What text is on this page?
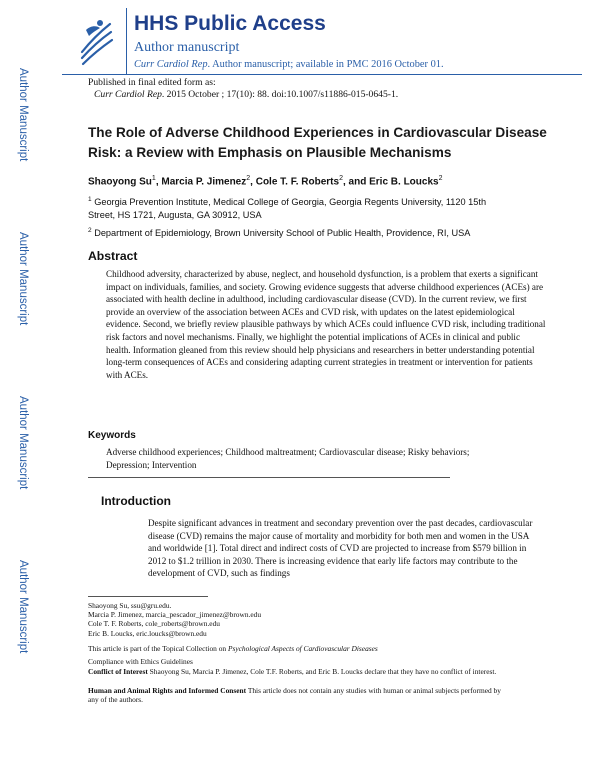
Author Manuscript
Author Manuscript
Author Manuscript
Author Manuscript
HHS Public Access
Author manuscript
Curr Cardiol Rep. Author manuscript; available in PMC 2016 October 01.
Published in final edited form as:
Curr Cardiol Rep. 2015 October ; 17(10): 88. doi:10.1007/s11886-015-0645-1.
The Role of Adverse Childhood Experiences in Cardiovascular Disease Risk: a Review with Emphasis on Plausible Mechanisms
Shaoyong Su$^1$, Marcia P. Jimenez$^2$, Cole T. F. Roberts$^2$, and Eric B. Loucks$^2$
$^1$ Georgia Prevention Institute, Medical College of Georgia, Georgia Regents University, 1120 15th Street, HS 1721, Augusta, GA 30912, USA
$^2$ Department of Epidemiology, Brown University School of Public Health, Providence, RI, USA
Abstract
Childhood adversity, characterized by abuse, neglect, and household dysfunction, is a problem that exerts a significant impact on individuals, families, and society. Growing evidence suggests that adverse childhood experiences (ACEs) are associated with health decline in adulthood, including cardiovascular disease (CVD). In the current review, we first provide an overview of the association between ACEs and CVD risk, with updates on the latest epidemiological evidence. Second, we briefly review plausible pathways by which ACEs could influence CVD risk, including traditional risk factors and novel mechanisms. Finally, we highlight the potential implications of ACEs in clinical and public health. Information gleaned from this review should help physicians and researchers in better understanding potential long-term consequences of ACEs and considering adapting current strategies in treatment or intervention for patients with ACEs.
Keywords
Adverse childhood experiences; Childhood maltreatment; Cardiovascular disease; Risky behaviors; Depression; Intervention
Introduction
Despite significant advances in treatment and secondary prevention over the past decades, cardiovascular disease (CVD) remains the major cause of mortality and morbidity for both men and women in the USA and worldwide [1]. Total direct and indirect costs of CVD are projected to increase from $579 billion in 2012 to $1.2 trillion in 2030. There is increasing evidence that early life factors may contribute to the development of CVD, such as findings
Shaoyong Su, ssu@gru.edu.
Marcia P. Jimenez, marcia_pescador_jimenez@brown.edu
Cole T. F. Roberts, cole_roberts@brown.edu
Eric B. Loucks, eric.loucks@brown.edu
This article is part of the Topical Collection on Psychological Aspects of Cardiovascular Diseases
Compliance with Ethics Guidelines
Conflict of Interest Shaoyong Su, Marcia P. Jimenez, Cole T.F. Roberts, and Eric B. Loucks declare that they have no conflict of interest.
Human and Animal Rights and Informed Consent This article does not contain any studies with human or animal subjects performed by any of the authors.
